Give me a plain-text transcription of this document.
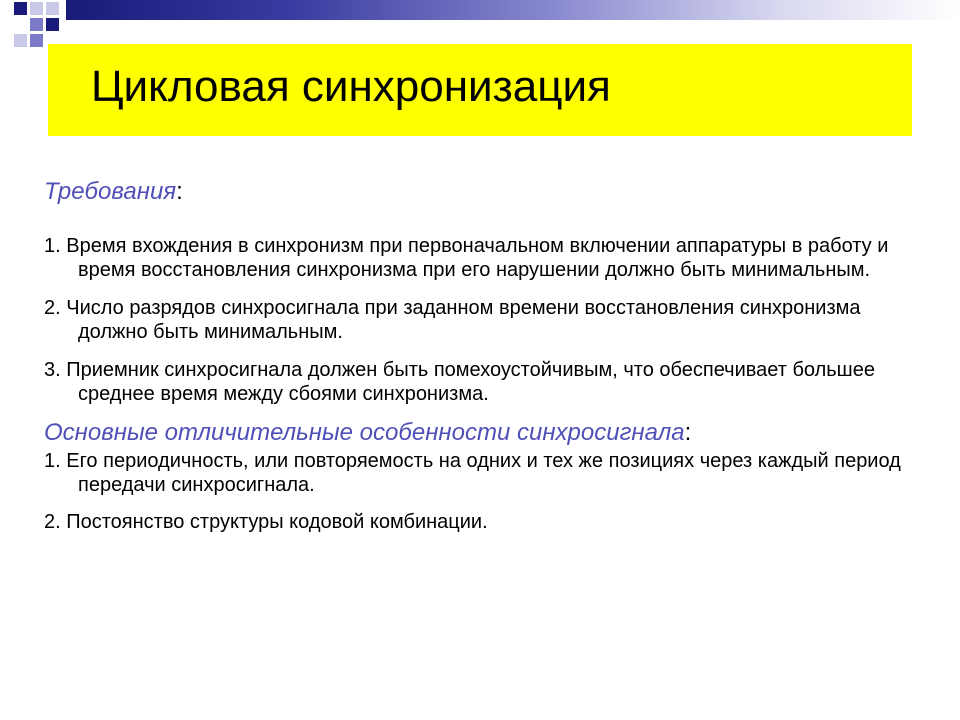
Цикловая синхронизация

Требования:

1. Время вхождения в синхронизм при первоначальном включении аппаратуры в работу и время восстановления синхронизма при его нарушении должно быть минимальным.
2. Число разрядов синхросигнала при заданном времени восстановления синхронизма должно быть минимальным.
3. Приемник синхросигнала должен быть помехоустойчивым, что обеспечивает большее среднее время между сбоями синхронизма.

Основные отличительные особенности синхросигнала:

1. Его периодичность, или повторяемость на одних и тех же позициях через каждый период передачи синхросигнала.
2. Постоянство структуры кодовой комбинации.
